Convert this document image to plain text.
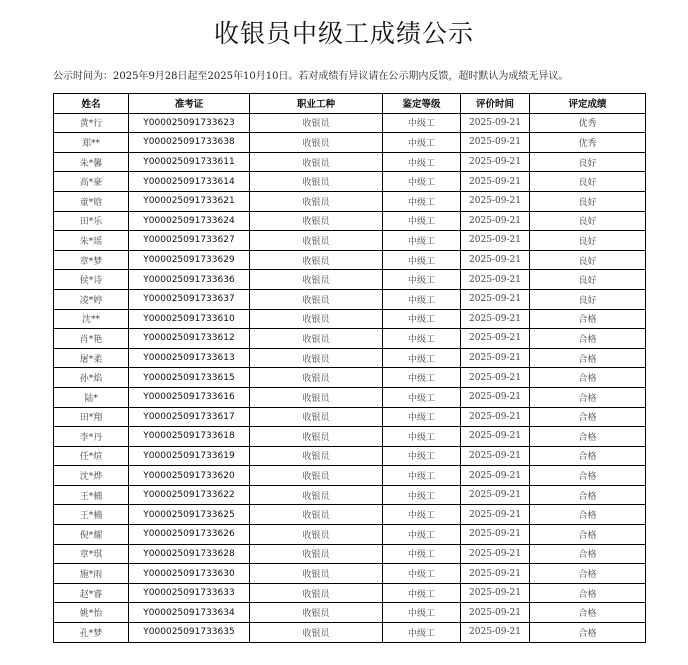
收银员中级工成绩公示
公示时间为：2025年9月28日起至2025年10月10日。若对成绩有异议请在公示期内反馈，超时默认为成绩无异议。
姓名	准考证	职业工种	鉴定等级	评价时间	评定成绩
黄*行	Y000025091733623	收银员	中级工	2025-09-21	优秀
郑**	Y000025091733638	收银员	中级工	2025-09-21	优秀
朱*馨	Y000025091733611	收银员	中级工	2025-09-21	良好
高*豪	Y000025091733614	收银员	中级工	2025-09-21	良好
童*晗	Y000025091733621	收银员	中级工	2025-09-21	良好
田*乐	Y000025091733624	收银员	中级工	2025-09-21	良好
朱*瑶	Y000025091733627	收银员	中级工	2025-09-21	良好
章*梦	Y000025091733629	收银员	中级工	2025-09-21	良好
侯*诗	Y000025091733636	收银员	中级工	2025-09-21	良好
凌*婷	Y000025091733637	收银员	中级工	2025-09-21	良好
沈**	Y000025091733610	收银员	中级工	2025-09-21	合格
肖*艳	Y000025091733612	收银员	中级工	2025-09-21	合格
屠*柔	Y000025091733613	收银员	中级工	2025-09-21	合格
孙*焰	Y000025091733615	收银员	中级工	2025-09-21	合格
陆*	Y000025091733616	收银员	中级工	2025-09-21	合格
田*翔	Y000025091733617	收银员	中级工	2025-09-21	合格
李*丹	Y000025091733618	收银员	中级工	2025-09-21	合格
任*煊	Y000025091733619	收银员	中级工	2025-09-21	合格
沈*烨	Y000025091733620	收银员	中级工	2025-09-21	合格
王*楠	Y000025091733622	收银员	中级工	2025-09-21	合格
王*楠	Y000025091733625	收银员	中级工	2025-09-21	合格
倪*耀	Y000025091733626	收银员	中级工	2025-09-21	合格
章*琪	Y000025091733628	收银员	中级工	2025-09-21	合格
施*雨	Y000025091733630	收银员	中级工	2025-09-21	合格
赵*睿	Y000025091733633	收银员	中级工	2025-09-21	合格
姚*怡	Y000025091733634	收银员	中级工	2025-09-21	合格
孔*梦	Y000025091733635	收银员	中级工	2025-09-21	合格
